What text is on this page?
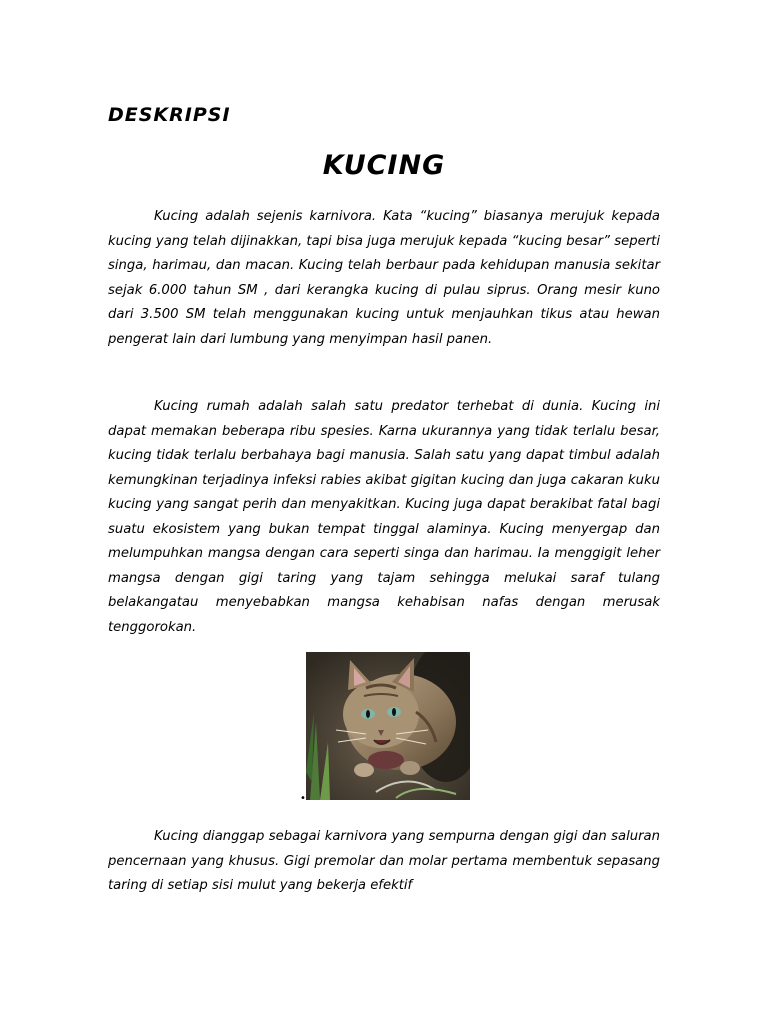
DESKRIPSI
KUCING

Kucing adalah sejenis karnivora. Kata “kucing” biasanya merujuk kepada kucing yang telah dijinakkan, tapi bisa juga merujuk kepada “kucing besar” seperti singa, harimau, dan macan. Kucing telah berbaur pada kehidupan manusia sekitar sejak 6.000 tahun SM , dari kerangka kucing di pulau siprus. Orang mesir kuno dari 3.500 SM telah menggunakan kucing untuk menjauhkan tikus atau hewan pengerat lain dari lumbung yang menyimpan hasil panen.

Kucing rumah adalah salah satu predator terhebat di dunia. Kucing ini dapat memakan beberapa ribu spesies. Karna ukurannya yang tidak terlalu besar, kucing tidak terlalu berbahaya bagi manusia. Salah satu yang dapat timbul adalah kemungkinan terjadinya infeksi rabies akibat gigitan kucing dan juga cakaran kuku kucing yang sangat perih dan menyakitkan. Kucing juga dapat berakibat fatal bagi suatu ekosistem yang bukan tempat tinggal alaminya. Kucing menyergap dan melumpuhkan mangsa dengan cara seperti singa dan harimau. Ia menggigit leher mangsa dengan gigi taring yang tajam sehingga melukai saraf tulang belakangatau menyebabkan mangsa kehabisan nafas dengan merusak tenggorokan.

•

Kucing dianggap sebagai karnivora yang sempurna dengan gigi dan saluran pencernaan yang khusus. Gigi premolar dan molar pertama membentuk sepasang taring di setiap sisi mulut yang bekerja efektif
